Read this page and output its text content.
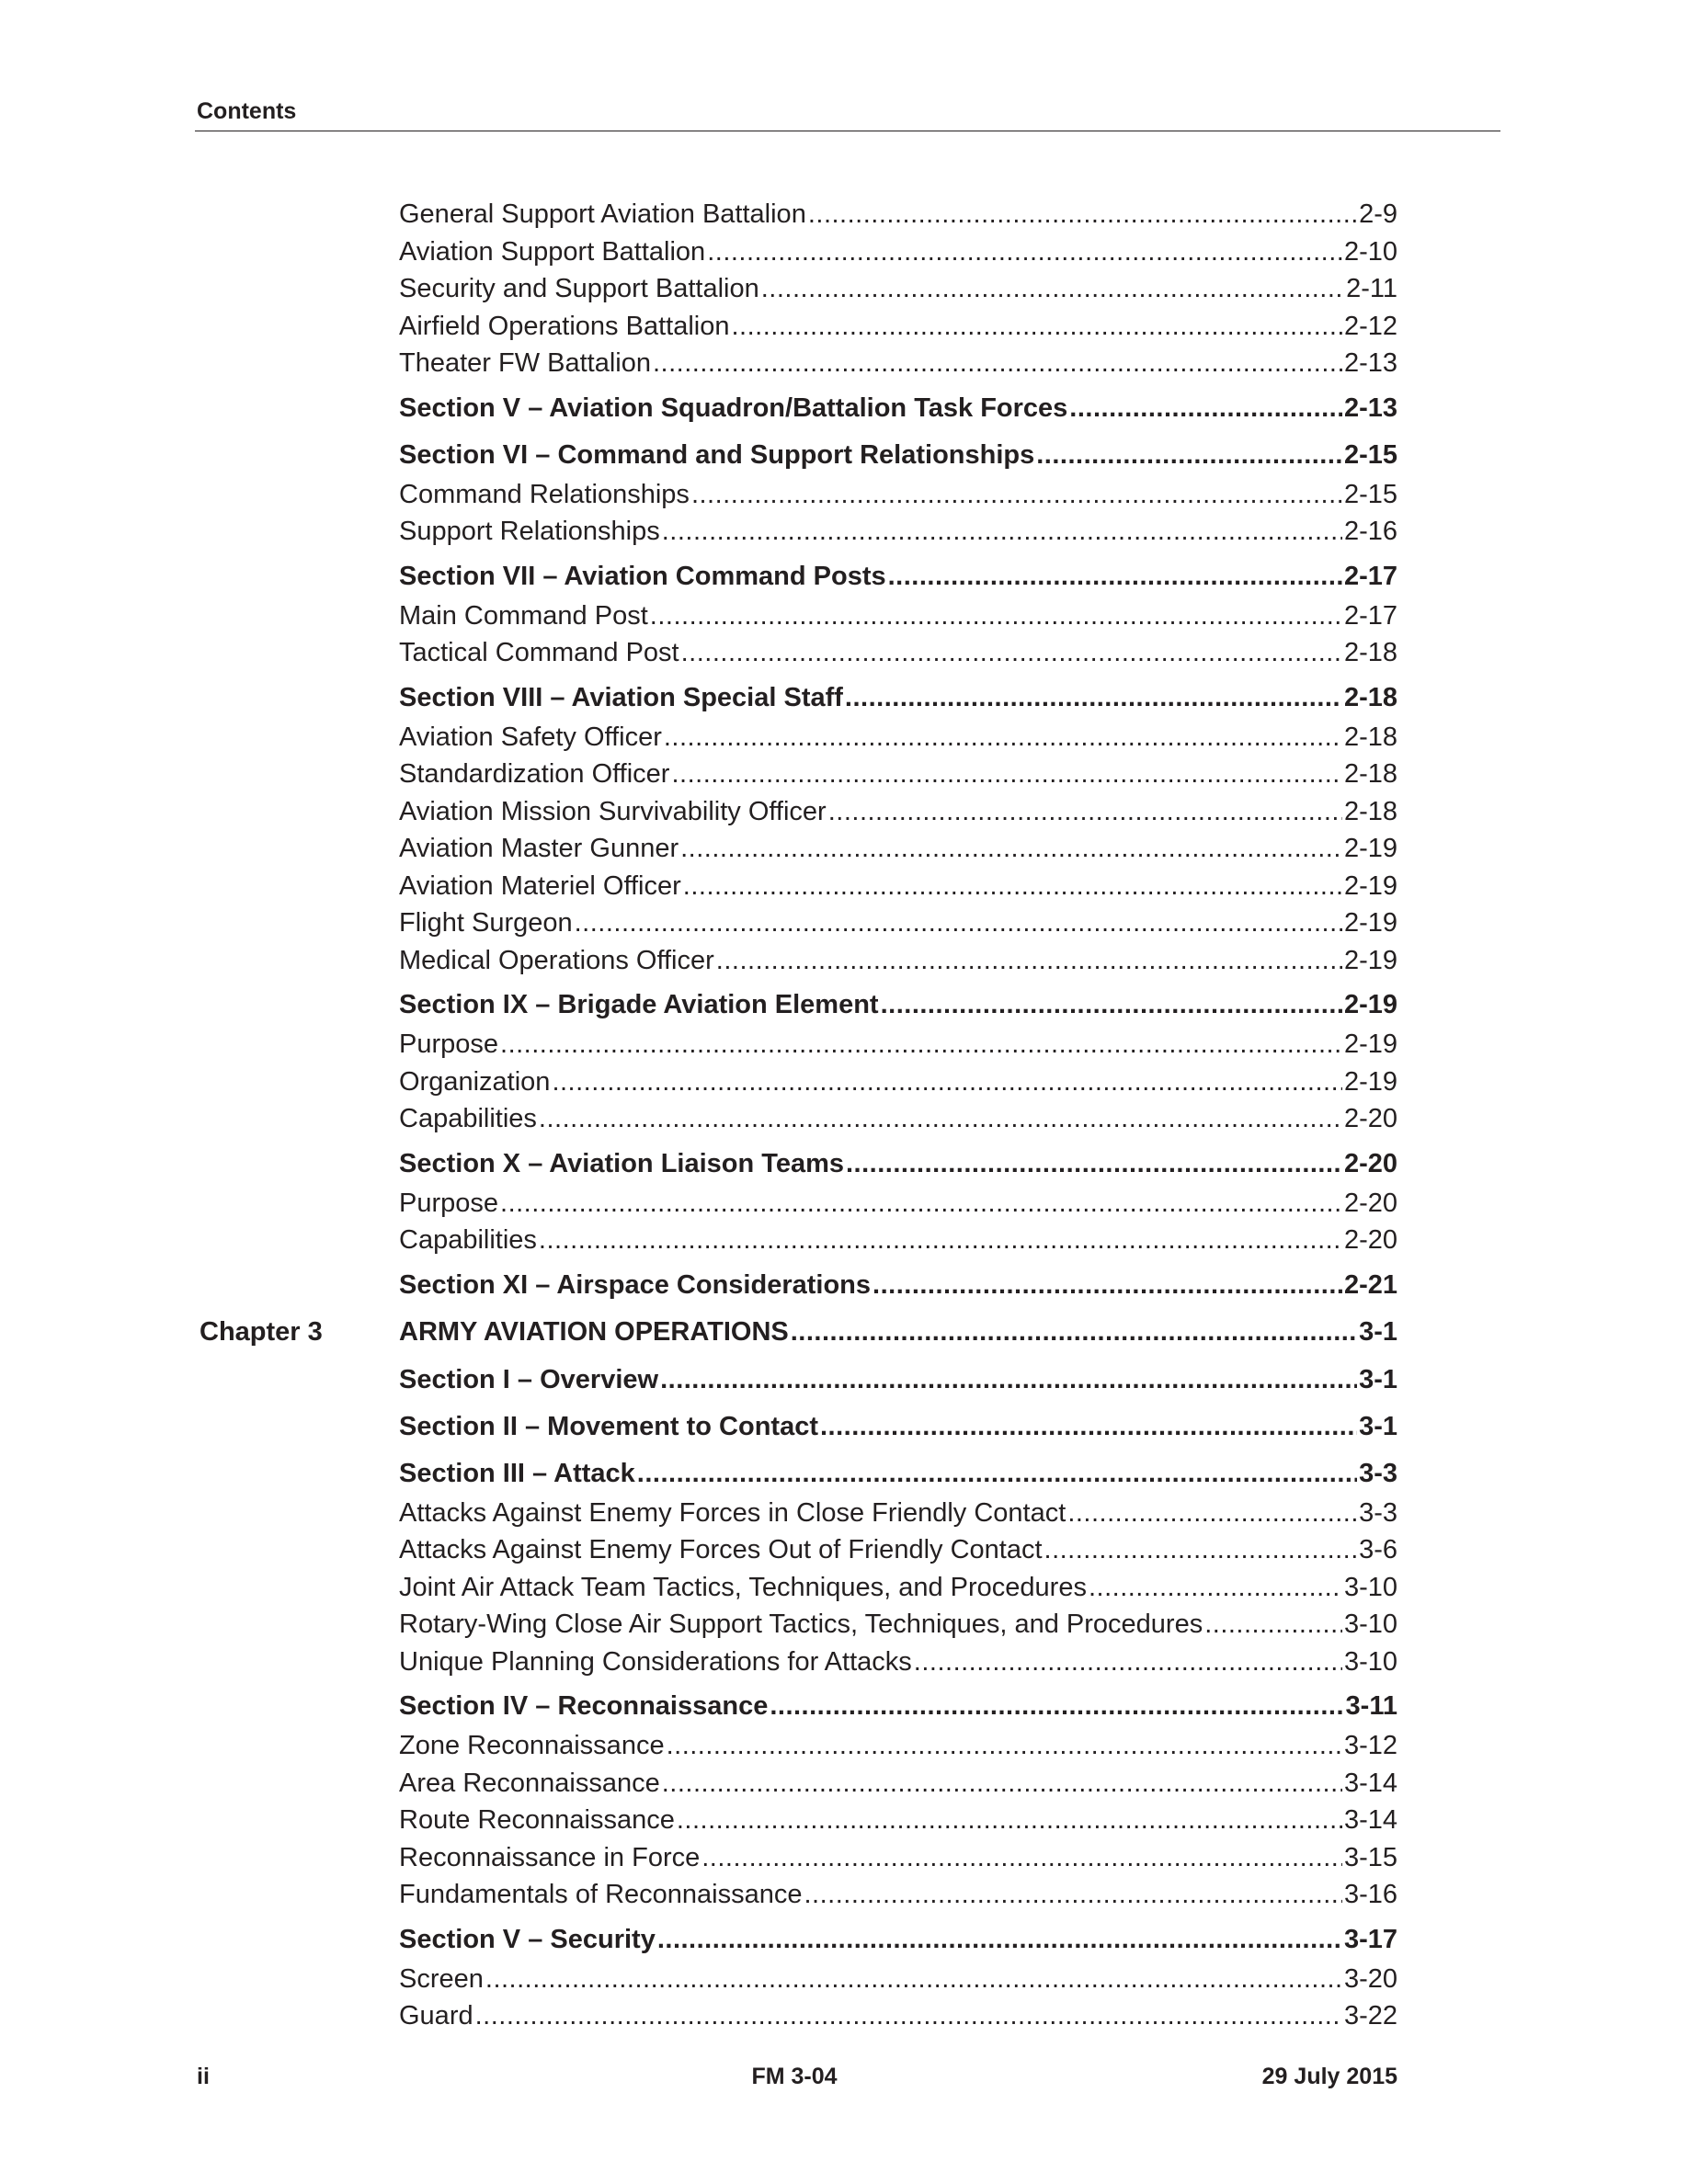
Contents
General Support Aviation Battalion .....	2-9
Aviation Support Battalion .....	2-10
Security and Support Battalion .....	2-11
Airfield Operations Battalion .....	2-12
Theater FW Battalion .....	2-13
Section V – Aviation Squadron/Battalion Task Forces .....	2-13
Section VI – Command and Support Relationships .....	2-15
Command Relationships .....	2-15
Support Relationships .....	2-16
Section VII – Aviation Command Posts .....	2-17
Main Command Post .....	2-17
Tactical Command Post .....	2-18
Section VIII – Aviation Special Staff .....	2-18
Aviation Safety Officer .....	2-18
Standardization Officer .....	2-18
Aviation Mission Survivability Officer .....	2-18
Aviation Master Gunner .....	2-19
Aviation Materiel Officer .....	2-19
Flight Surgeon .....	2-19
Medical Operations Officer .....	2-19
Section IX – Brigade Aviation Element .....	2-19
Purpose .....	2-19
Organization .....	2-19
Capabilities .....	2-20
Section X – Aviation Liaison Teams .....	2-20
Purpose .....	2-20
Capabilities .....	2-20
Section XI – Airspace Considerations .....	2-21
Chapter 3	ARMY AVIATION OPERATIONS .....	3-1
Section I – Overview .....	3-1
Section II – Movement to Contact .....	3-1
Section III – Attack .....	3-3
Attacks Against Enemy Forces in Close Friendly Contact .....	3-3
Attacks Against Enemy Forces Out of Friendly Contact .....	3-6
Joint Air Attack Team Tactics, Techniques, and Procedures .....	3-10
Rotary-Wing Close Air Support Tactics, Techniques, and Procedures .....	3-10
Unique Planning Considerations for Attacks .....	3-10
Section IV – Reconnaissance .....	3-11
Zone Reconnaissance .....	3-12
Area Reconnaissance .....	3-14
Route Reconnaissance .....	3-14
Reconnaissance in Force .....	3-15
Fundamentals of Reconnaissance .....	3-16
Section V – Security .....	3-17
Screen .....	3-20
Guard .....	3-22
ii	FM 3-04	29 July 2015
